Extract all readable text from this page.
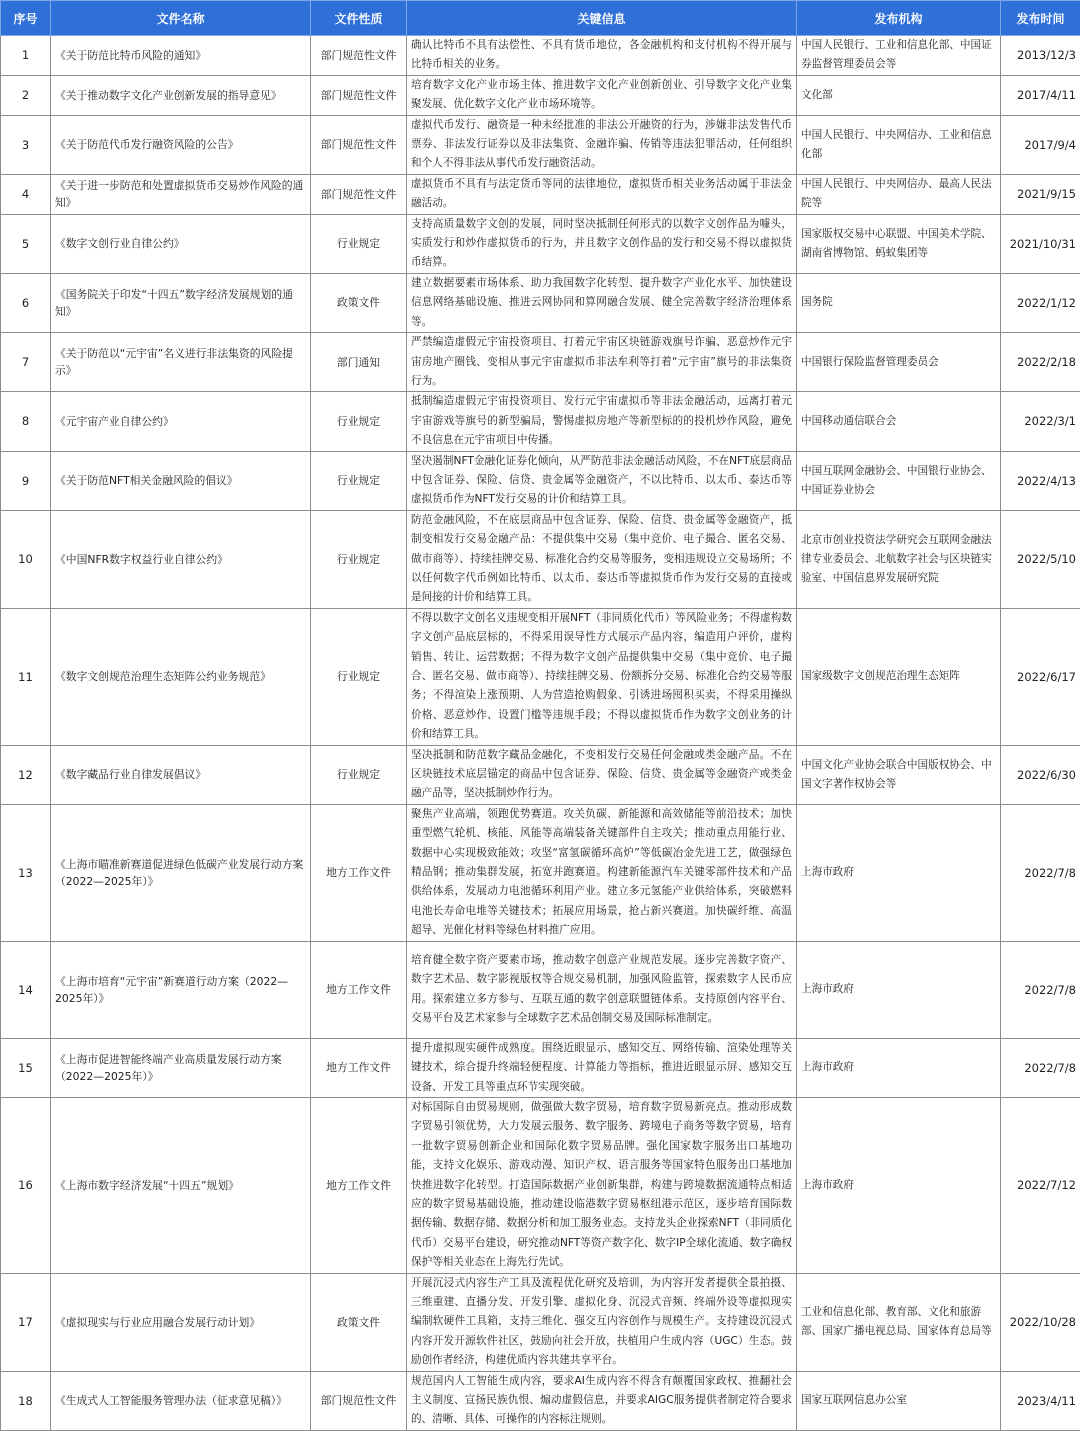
序号	文件名称	文件性质	关键信息	发布机构	发布时间
1	《关于防范比特币风险的通知》	部门规范性文件	确认比特币不具有法偿性、不具有货币地位，各金融机构和支付机构不得开展与比特币相关的业务。	中国人民银行、工业和信息化部、中国证券监督管理委员会等	2013/12/3
2	《关于推动数字文化产业创新发展的指导意见》	部门规范性文件	培育数字文化产业市场主体、推进数字文化产业创新创业、引导数字文化产业集聚发展、优化数字文化产业市场环境等。	文化部	2017/4/11
3	《关于防范代币发行融资风险的公告》	部门规范性文件	虚拟代币发行、融资是一种未经批准的非法公开融资的行为，涉嫌非法发售代币票券、非法发行证券以及非法集资、金融诈骗、传销等违法犯罪活动，任何组织和个人不得非法从事代币发行融资活动。	中国人民银行、中央网信办、工业和信息化部	2017/9/4
4	《关于进一步防范和处置虚拟货币交易炒作风险的通知》	部门规范性文件	虚拟货币不具有与法定货币等同的法律地位，虚拟货币相关业务活动属于非法金融活动。	中国人民银行、中央网信办、最高人民法院等	2021/9/15
5	《数字文创行业自律公约》	行业规定	支持高质量数字文创的发展，同时坚决抵制任何形式的以数字文创作品为噱头，实质发行和炒作虚拟货币的行为，并且数字文创作品的发行和交易不得以虚拟货币结算。	国家版权交易中心联盟、中国美术学院、湖南省博物馆、蚂蚁集团等	2021/10/31
6	《国务院关于印发“十四五”数字经济发展规划的通知》	政策文件	建立数据要素市场体系、助力我国数字化转型、提升数字产业化水平、加快建设信息网络基础设施、推进云网协同和算网融合发展、健全完善数字经济治理体系等。	国务院	2022/1/12
7	《关于防范以“元宇宙”名义进行非法集资的风险提示》	部门通知	严禁编造虚假元宇宙投资项目、打着元宇宙区块链游戏旗号诈骗、恶意炒作元宇宙房地产圈钱、变相从事元宇宙虚拟币非法牟利等打着“元宇宙”旗号的非法集资行为。	中国银行保险监督管理委员会	2022/2/18
8	《元宇宙产业自律公约》	行业规定	抵制编造虚假元宇宙投资项目、发行元宇宙虚拟币等非法金融活动，远离打着元宇宙游戏等旗号的新型骗局，警惕虚拟房地产等新型标的的投机炒作风险，避免不良信息在元宇宙项目中传播。	中国移动通信联合会	2022/3/1
9	《关于防范NFT相关金融风险的倡议》	行业规定	坚决遏制NFT金融化证券化倾向，从严防范非法金融活动风险，不在NFT底层商品中包含证券、保险、信贷、贵金属等金融资产，不以比特币、以太币、泰达币等虚拟货币作为NFT发行交易的计价和结算工具。	中国互联网金融协会、中国银行业协会、中国证券业协会	2022/4/13
10	《中国NFR数字权益行业自律公约》	行业规定	防范金融风险，不在底层商品中包含证券、保险、信贷、贵金属等金融资产，抵制变相发行交易金融产品：不提供集中交易（集中竞价、电子撮合、匿名交易、做市商等）、持续挂牌交易、标准化合约交易等服务，变相违规设立交易场所；不以任何数字代币例如比特币、以太币、泰达币等虚拟货币作为发行交易的直接或是间接的计价和结算工具。	北京市创业投资法学研究会互联网金融法律专业委员会、北航数字社会与区块链实验室、中国信息界发展研究院	2022/5/10
11	《数字文创规范治理生态矩阵公约业务规范》	行业规定	不得以数字文创名义违规变相开展NFT（非同质化代币）等风险业务；不得虚构数字文创产品底层标的，不得采用误导性方式展示产品内容，编造用户评价，虚构销售、转让、运营数据；不得为数字文创产品提供集中交易（集中竞价、电子撮合、匿名交易、做市商等）、持续挂牌交易、份额拆分交易、标准化合约交易等服务；不得渲染上涨预期、人为营造抢购假象、引诱进场囤积买卖，不得采用操纵价格、恶意炒作、设置门槛等违规手段；不得以虚拟货币作为数字文创业务的计价和结算工具。	国家级数字文创规范治理生态矩阵	2022/6/17
12	《数字藏品行业自律发展倡议》	行业规定	坚决抵制和防范数字藏品金融化，不变相发行交易任何金融或类金融产品。不在区块链技术底层锚定的商品中包含证券、保险、信贷、贵金属等金融资产或类金融产品等，坚决抵制炒作行为。	中国文化产业协会联合中国版权协会、中国文字著作权协会等	2022/6/30
13	《上海市瞄准新赛道促进绿色低碳产业发展行动方案（2022—2025年）》	地方工作文件	聚焦产业高端，领跑优势赛道。攻关负碳、新能源和高效储能等前沿技术；加快重型燃气轮机、核能、风能等高端装备关键部件自主攻关；推动重点用能行业、数据中心实现极致能效；攻坚“富氢碳循环高炉”等低碳冶金先进工艺，做强绿色精品钢；推动集群发展，拓宽并跑赛道。构建新能源汽车关键零部件技术和产品供给体系，发展动力电池循环利用产业。建立多元氢能产业供给体系，突破燃料电池长寿命电堆等关键技术；拓展应用场景，抢占新兴赛道。加快碳纤维、高温超导、光催化材料等绿色材料推广应用。	上海市政府	2022/7/8
14	《上海市培育“元宇宙”新赛道行动方案（2022—2025年）》	地方工作文件	培育健全数字资产要素市场，推动数字创意产业规范发展。逐步完善数字资产、数字艺术品、数字影视版权等合规交易机制，加强风险监管，探索数字人民币应用。探索建立多方参与、互联互通的数字创意联盟链体系。支持原创内容平台、交易平台及艺术家参与全球数字艺术品创制交易及国际标准制定。	上海市政府	2022/7/8
15	《上海市促进智能终端产业高质量发展行动方案（2022—2025年）》	地方工作文件	提升虚拟现实硬件成熟度。围绕近眼显示、感知交互、网络传输、渲染处理等关键技术，综合提升终端轻便程度、计算能力等指标，推进近眼显示屏、感知交互设备、开发工具等重点环节实现突破。	上海市政府	2022/7/8
16	《上海市数字经济发展“十四五”规划》	地方工作文件	对标国际自由贸易规则，做强做大数字贸易，培育数字贸易新亮点。推动形成数字贸易引领优势，大力发展云服务、数字服务、跨境电子商务等数字贸易，培育一批数字贸易创新企业和国际化数字贸易品牌。强化国家数字服务出口基地功能，支持文化娱乐、游戏动漫、知识产权、语言服务等国家特色服务出口基地加快推进数字化转型。打造国际数据产业创新集群，构建与跨境数据流通特点相适应的数字贸易基础设施，推动建设临港数字贸易枢纽港示范区，逐步培育国际数据传输、数据存储、数据分析和加工服务业态。支持龙头企业探索NFT（非同质化代币）交易平台建设，研究推动NFT等资产数字化、数字IP全球化流通、数字确权保护等相关业态在上海先行先试。	上海市政府	2022/7/12
17	《虚拟现实与行业应用融合发展行动计划》	政策文件	开展沉浸式内容生产工具及流程优化研究及培训，为内容开发者提供全景拍摄、三维重建、直播分发、开发引擎、虚拟化身、沉浸式音频、终端外设等虚拟现实编制软硬件工具箱，支持三维化、强交互内容创作与规模生产。支持建设沉浸式内容开发开源软件社区，鼓励向社会开放，扶植用户生成内容（UGC）生态。鼓励创作者经济，构建优质内容共建共享平台。	工业和信息化部、教育部、文化和旅游部、国家广播电视总局、国家体育总局等	2022/10/28
18	《生成式人工智能服务管理办法（征求意见稿）》	部门规范性文件	规范国内人工智能生成内容，要求AI生成内容不得含有颠覆国家政权、推翻社会主义制度、宣扬民族仇恨、煽动虚假信息，并要求AIGC服务提供者制定符合要求的、清晰、具体、可操作的内容标注规则。	国家互联网信息办公室	2023/4/11
